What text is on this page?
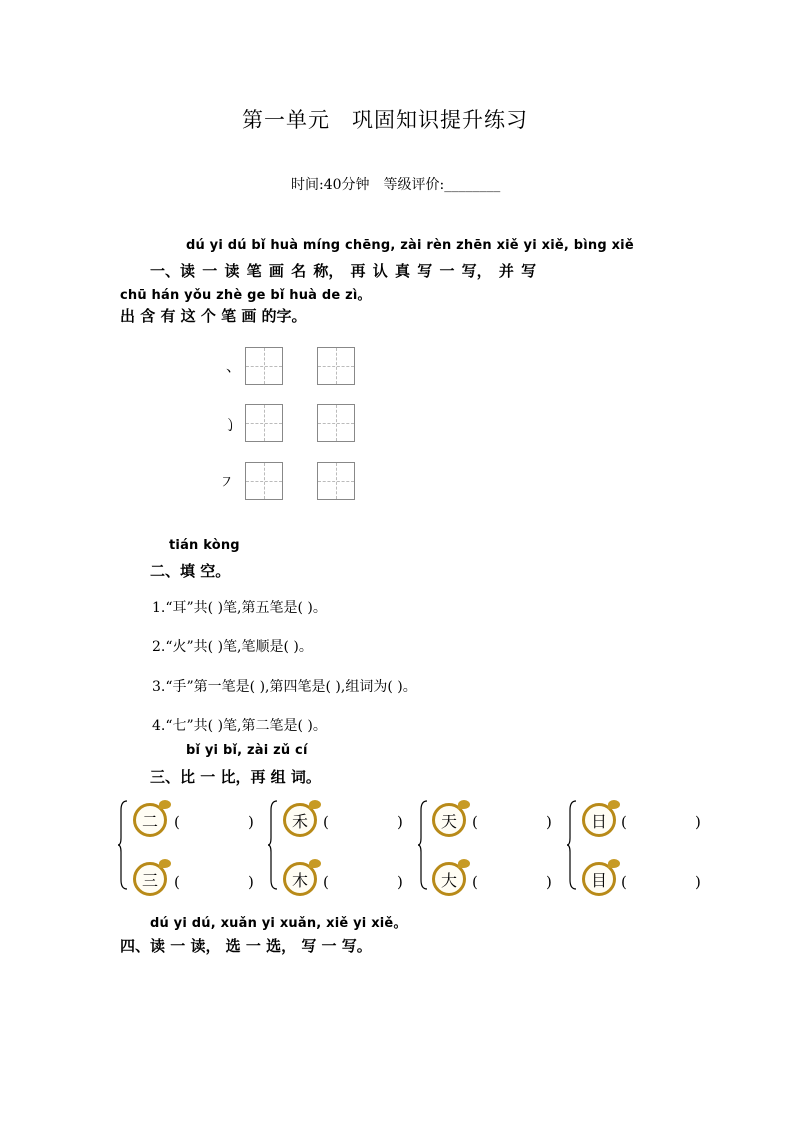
第一单元　巩固知识提升练习
时间:40分钟　等级评价:________
dú yi dú bǐ huà míng chēng, zài rèn zhēn xiě yi xiě, bìng xiě
一、读 一 读 笔 画 名 称， 再 认 真 写 一 写， 并 写
chū hán yǒu zhè ge bǐ huà de zì。
出 含 有 这 个 笔 画 的字。
、
㇁
㇇
tián kòng
二、填 空。
1.“耳”共( )笔,第五笔是( )。
2.“火”共( )笔,笔顺是( )。
3.“手”第一笔是( ),第四笔是( ),组词为( )。
4.“七”共( )笔,第二笔是( )。
bǐ yi bǐ, zài zǔ cí
三、比 一 比，再 组 词。
二	(	)
三	(	)
禾	(	)
木	(	)
天	(	)
大	(	)
日 (	)
目 (	)
dú yi dú, xuǎn yi xuǎn, xiě yi xiě。
四、读 一 读， 选 一 选， 写 一 写。
